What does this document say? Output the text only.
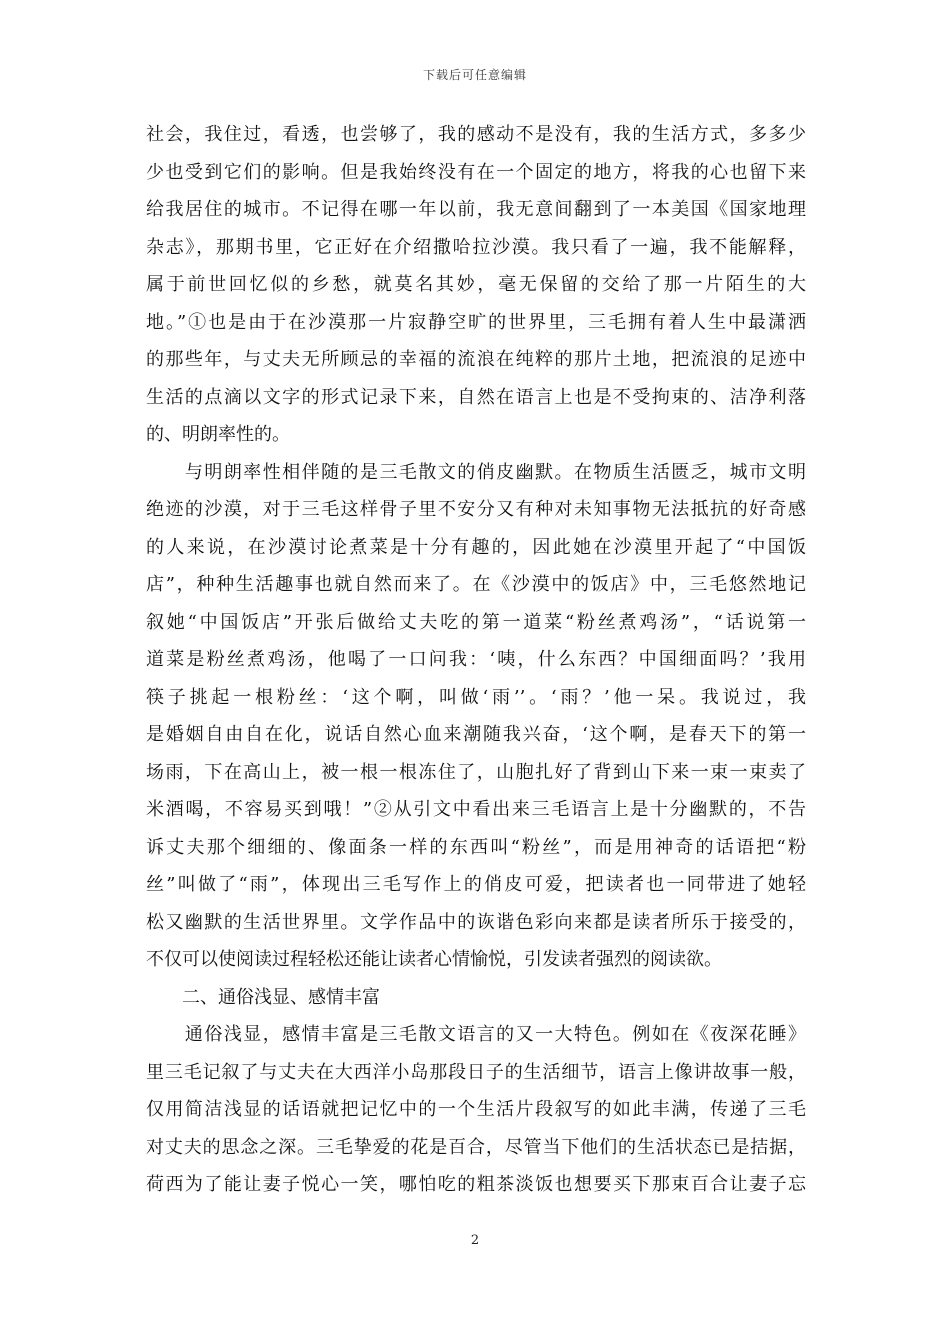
下载后可任意编辑
社会，我住过，看透，也尝够了，我的感动不是没有，我的生活方式，多多少
少也受到它们的影响。但是我始终没有在一个固定的地方，将我的心也留下来
给我居住的城市。不记得在哪一年以前，我无意间翻到了一本美国《国家地理
杂志》，那期书里，它正好在介绍撒哈拉沙漠。我只看了一遍，我不能解释，
属于前世回忆似的乡愁，就莫名其妙，毫无保留的交给了那一片陌生的大
地。”①也是由于在沙漠那一片寂静空旷的世界里，三毛拥有着人生中最潇洒
的那些年，与丈夫无所顾忌的幸福的流浪在纯粹的那片土地，把流浪的足迹中
生活的点滴以文字的形式记录下来，自然在语言上也是不受拘束的、洁净利落
的、明朗率性的。
　　与明朗率性相伴随的是三毛散文的俏皮幽默。在物质生活匮乏，城市文明
绝迹的沙漠，对于三毛这样骨子里不安分又有种对未知事物无法抵抗的好奇感
的人来说，在沙漠讨论煮菜是十分有趣的，因此她在沙漠里开起了“中国饭
店”，种种生活趣事也就自然而来了。在《沙漠中的饭店》中，三毛悠然地记
叙她“中国饭店”开张后做给丈夫吃的第一道菜“粉丝煮鸡汤”，“话说第一
道菜是粉丝煮鸡汤，他喝了一口问我：‘咦，什么东西？中国细面吗？’我用
筷子挑起一根粉丝：‘这个啊，叫做‘雨’’。‘雨？’他一呆。我说过，我
是婚姻自由自在化，说话自然心血来潮随我兴奋，‘这个啊，是春天下的第一
场雨，下在高山上，被一根一根冻住了，山胞扎好了背到山下来一束一束卖了
米酒喝，不容易买到哦！”②从引文中看出来三毛语言上是十分幽默的，不告
诉丈夫那个细细的、像面条一样的东西叫“粉丝”，而是用神奇的话语把“粉
丝”叫做了“雨”，体现出三毛写作上的俏皮可爱，把读者也一同带进了她轻
松又幽默的生活世界里。文学作品中的诙谐色彩向来都是读者所乐于接受的，
不仅可以使阅读过程轻松还能让读者心情愉悦，引发读者强烈的阅读欲。
　　二、通俗浅显、感情丰富
　　通俗浅显，感情丰富是三毛散文语言的又一大特色。例如在《夜深花睡》
里三毛记叙了与丈夫在大西洋小岛那段日子的生活细节，语言上像讲故事一般，
仅用简洁浅显的话语就把记忆中的一个生活片段叙写的如此丰满，传递了三毛
对丈夫的思念之深。三毛挚爱的花是百合，尽管当下他们的生活状态已是拮据，
荷西为了能让妻子悦心一笑，哪怕吃的粗茶淡饭也想要买下那束百合让妻子忘
2
